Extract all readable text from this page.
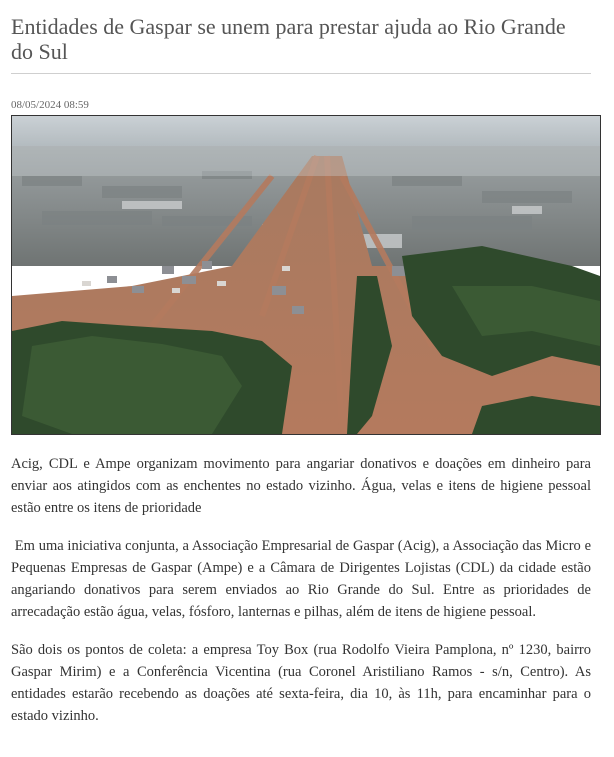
Entidades de Gaspar se unem para prestar ajuda ao Rio Grande do Sul
08/05/2024 08:59

Acig, CDL e Ampe organizam movimento para angariar donativos e doações em dinheiro para enviar aos atingidos com as enchentes no estado vizinho. Água, velas e itens de higiene pessoal estão entre os itens de prioridade

Em uma iniciativa conjunta, a Associação Empresarial de Gaspar (Acig), a Associação das Micro e Pequenas Empresas de Gaspar (Ampe) e a Câmara de Dirigentes Lojistas (CDL) da cidade estão angariando donativos para serem enviados ao Rio Grande do Sul. Entre as prioridades de arrecadação estão água, velas, fósforo, lanternas e pilhas, além de itens de higiene pessoal.

São dois os pontos de coleta: a empresa Toy Box (rua Rodolfo Vieira Pamplona, nº 1230, bairro Gaspar Mirim) e a Conferência Vicentina (rua Coronel Aristiliano Ramos - s/n, Centro). As entidades estarão recebendo as doações até sexta-feira, dia 10, às 11h, para encaminhar para o estado vizinho.
